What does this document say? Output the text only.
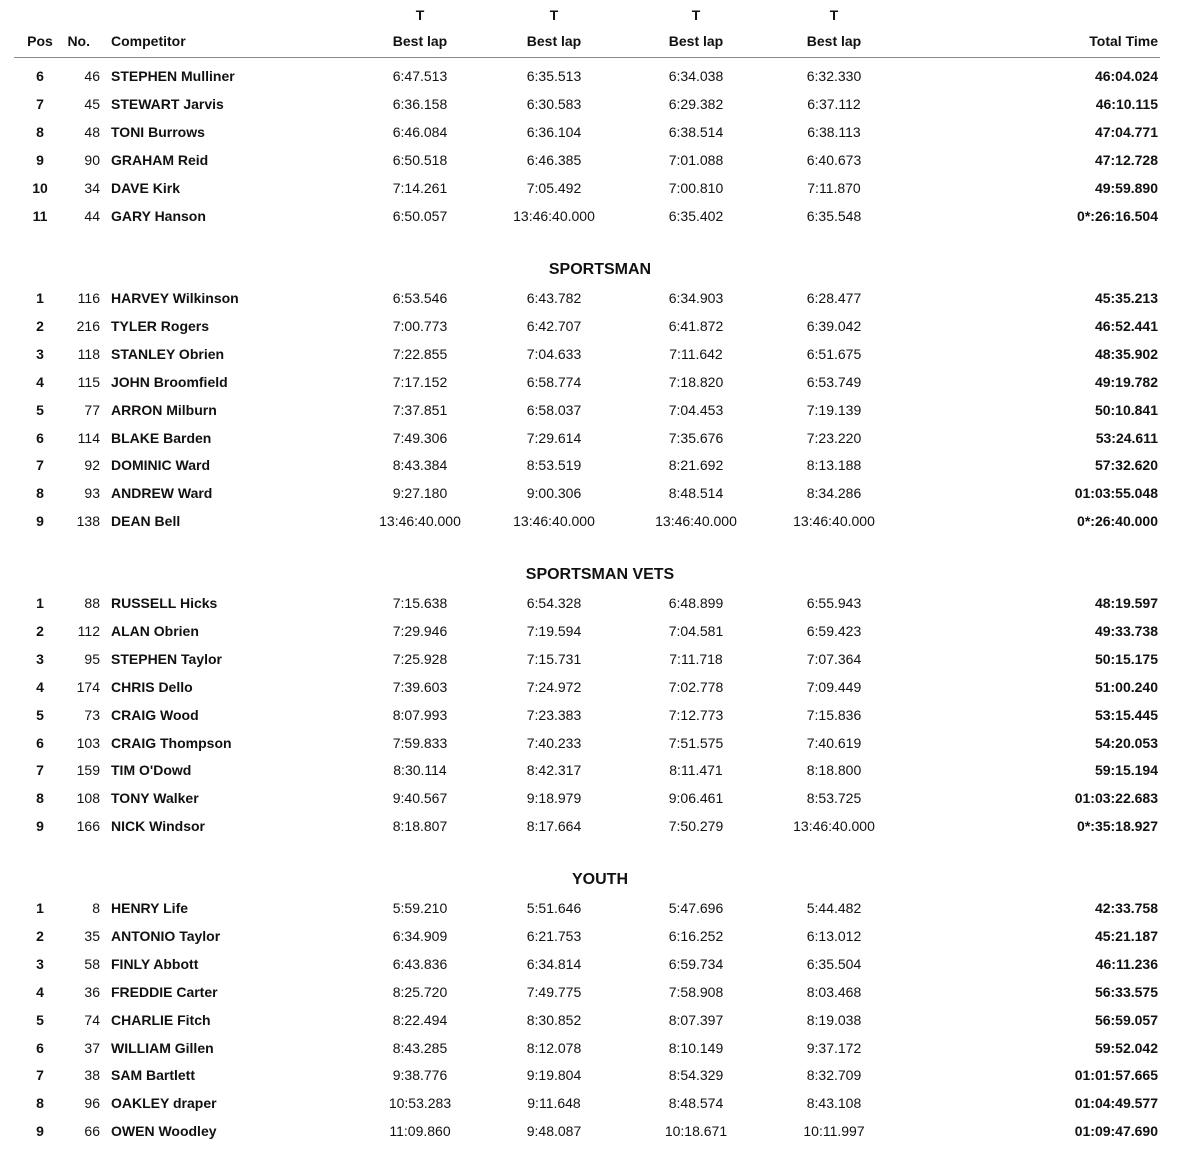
T	T	T	T
Pos	No. Competitor	Best lap	Best lap	Best lap	Best lap	Total Time
6	46 STEPHEN Mulliner	6:47.513	6:35.513	6:34.038	6:32.330	46:04.024
7	45 STEWART Jarvis	6:36.158	6:30.583	6:29.382	6:37.112	46:10.115
8	48 TONI Burrows	6:46.084	6:36.104	6:38.514	6:38.113	47:04.771
9	90 GRAHAM Reid	6:50.518	6:46.385	7:01.088	6:40.673	47:12.728
10	34 DAVE Kirk	7:14.261	7:05.492	7:00.810	7:11.870	49:59.890
11	44 GARY Hanson	6:50.057	13:46:40.000	6:35.402	6:35.548	0*:26:16.504
SPORTSMAN
1	116 HARVEY Wilkinson	6:53.546	6:43.782	6:34.903	6:28.477	45:35.213
2	216 TYLER Rogers	7:00.773	6:42.707	6:41.872	6:39.042	46:52.441
3	118 STANLEY Obrien	7:22.855	7:04.633	7:11.642	6:51.675	48:35.902
4	115 JOHN Broomfield	7:17.152	6:58.774	7:18.820	6:53.749	49:19.782
5	77 ARRON Milburn	7:37.851	6:58.037	7:04.453	7:19.139	50:10.841
6	114 BLAKE Barden	7:49.306	7:29.614	7:35.676	7:23.220	53:24.611
7	92 DOMINIC Ward	8:43.384	8:53.519	8:21.692	8:13.188	57:32.620
8	93 ANDREW Ward	9:27.180	9:00.306	8:48.514	8:34.286	01:03:55.048
9	138 DEAN Bell	13:46:40.000	13:46:40.000	13:46:40.000	13:46:40.000	0*:26:40.000
SPORTSMAN VETS
1	88 RUSSELL Hicks	7:15.638	6:54.328	6:48.899	6:55.943	48:19.597
2	112 ALAN Obrien	7:29.946	7:19.594	7:04.581	6:59.423	49:33.738
3	95 STEPHEN Taylor	7:25.928	7:15.731	7:11.718	7:07.364	50:15.175
4	174 CHRIS Dello	7:39.603	7:24.972	7:02.778	7:09.449	51:00.240
5	73 CRAIG Wood	8:07.993	7:23.383	7:12.773	7:15.836	53:15.445
6	103 CRAIG Thompson	7:59.833	7:40.233	7:51.575	7:40.619	54:20.053
7	159 TIM O'Dowd	8:30.114	8:42.317	8:11.471	8:18.800	59:15.194
8	108 TONY Walker	9:40.567	9:18.979	9:06.461	8:53.725	01:03:22.683
9	166 NICK Windsor	8:18.807	8:17.664	7:50.279	13:46:40.000	0*:35:18.927
YOUTH
1	8 HENRY Life	5:59.210	5:51.646	5:47.696	5:44.482	42:33.758
2	35 ANTONIO Taylor	6:34.909	6:21.753	6:16.252	6:13.012	45:21.187
3	58 FINLY Abbott	6:43.836	6:34.814	6:59.734	6:35.504	46:11.236
4	36 FREDDIE Carter	8:25.720	7:49.775	7:58.908	8:03.468	56:33.575
5	74 CHARLIE Fitch	8:22.494	8:30.852	8:07.397	8:19.038	56:59.057
6	37 WILLIAM Gillen	8:43.285	8:12.078	8:10.149	9:37.172	59:52.042
7	38 SAM Bartlett	9:38.776	9:19.804	8:54.329	8:32.709	01:01:57.665
8	96 OAKLEY draper	10:53.283	9:11.648	8:48.574	8:43.108	01:04:49.577
9	66 OWEN Woodley	11:09.860	9:48.087	10:18.671	10:11.997	01:09:47.690
